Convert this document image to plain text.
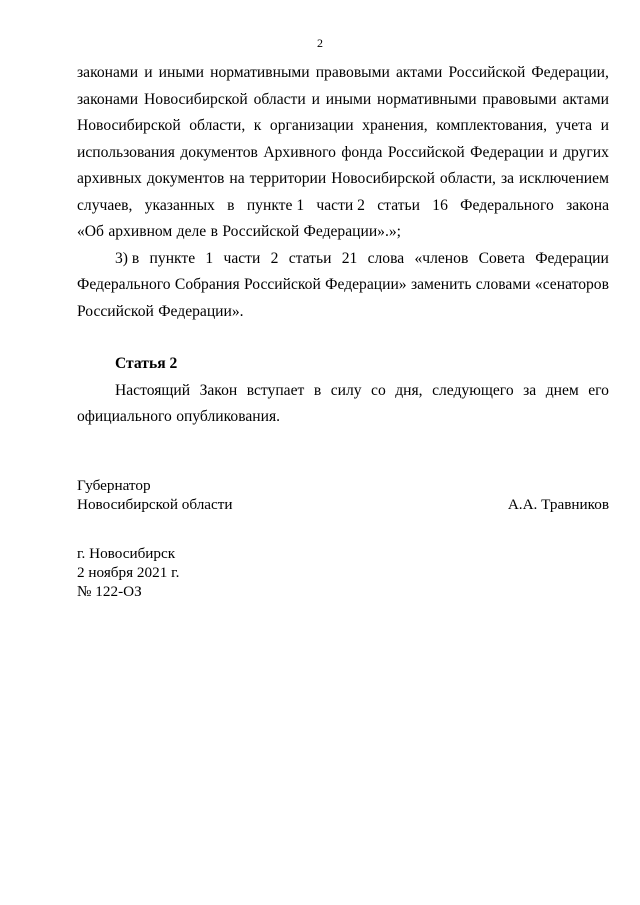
2
законами и иными нормативными правовыми актами Российской Федерации,
законами Новосибирской области и иными нормативными правовыми актами
Новосибирской области, к организации хранения, комплектования, учета и
использования документов Архивного фонда Российской Федерации и других
архивных документов на территории Новосибирской области, за исключением
случаев, указанных в пункте 1 части 2 статьи 16 Федерального закона
«Об архивном деле в Российской Федерации».»;
3) в пункте 1 части 2 статьи 21 слова «членов Совета Федерации
Федерального Собрания Российской Федерации» заменить словами «сенаторов
Российской Федерации».
Статья 2
Настоящий Закон вступает в силу со дня, следующего за днем его
официального опубликования.
Губернатор
Новосибирской области	А.А. Травников
г. Новосибирск
2 ноября 2021 г.
№ 122-ОЗ
